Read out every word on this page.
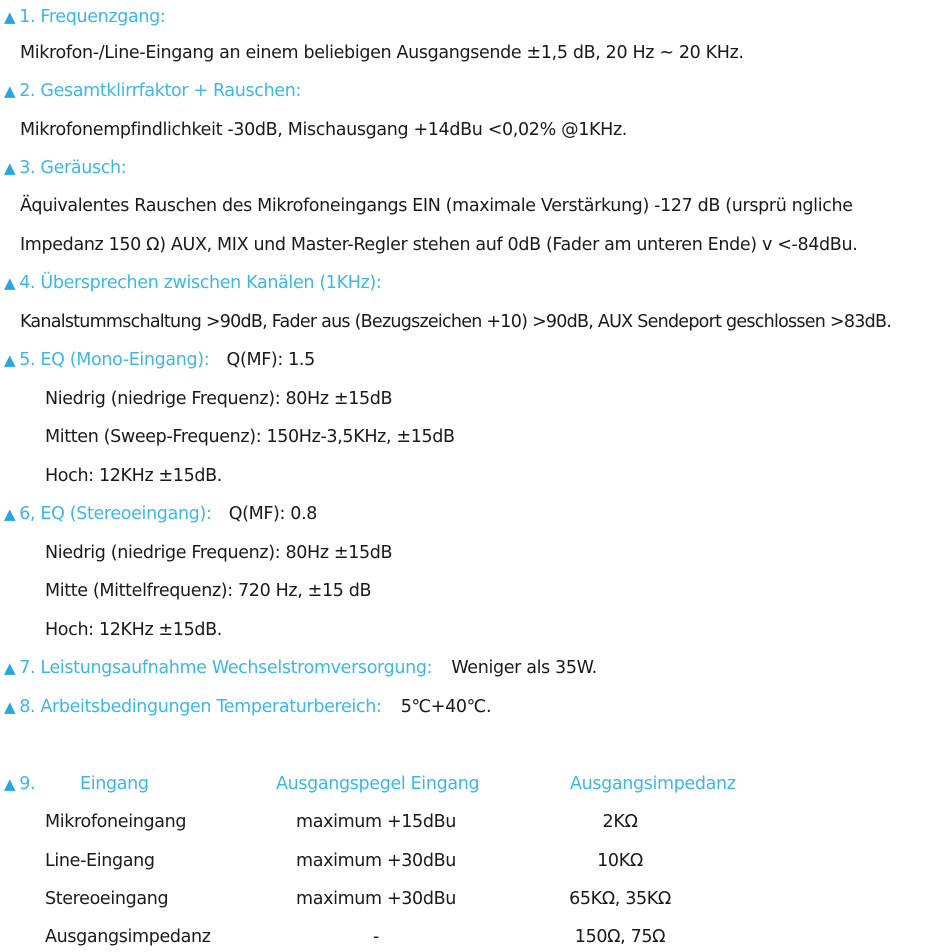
▲ 1. Frequenzgang:
Mikrofon-/Line-Eingang an einem beliebigen Ausgangsende ±1,5 dB, 20 Hz ~ 20 KHz.
▲ 2. Gesamtklirrfaktor + Rauschen:
Mikrofonempfindlichkeit -30dB, Mischausgang +14dBu <0,02% @1KHz.
▲ 3. Geräusch:
Äquivalentes Rauschen des Mikrofoneingangs EIN (maximale Verstärkung) -127 dB (ursprü ngliche
Impedanz 150 Ω) AUX, MIX und Master-Regler stehen auf 0dB (Fader am unteren Ende) v <-84dBu.
▲ 4. Übersprechen zwischen Kanälen (1KHz):
Kanalstummschaltung >90dB, Fader aus (Bezugszeichen +10) >90dB, AUX Sendeport geschlossen >83dB.
▲ 5. EQ (Mono-Eingang): Q(MF): 1.5
Niedrig (niedrige Frequenz): 80Hz ±15dB
Mitten (Sweep-Frequenz): 150Hz-3,5KHz, ±15dB
Hoch: 12KHz ±15dB.
▲ 6, EQ (Stereoeingang): Q(MF): 0.8
Niedrig (niedrige Frequenz): 80Hz ±15dB
Mitte (Mittelfrequenz): 720 Hz, ±15 dB
Hoch: 12KHz ±15dB.
▲ 7. Leistungsaufnahme Wechselstromversorgung: Weniger als 35W.
▲ 8. Arbeitsbedingungen Temperaturbereich: 5℃+40℃.
▲ 9.	Eingang	Ausgangspegel Eingang	Ausgangsimpedanz
Mikrofoneingang	maximum +15dBu	2KΩ
Line-Eingang	maximum +30dBu	10KΩ
Stereoeingang	maximum +30dBu	65KΩ, 35KΩ
Ausgangsimpedanz	-	150Ω, 75Ω
